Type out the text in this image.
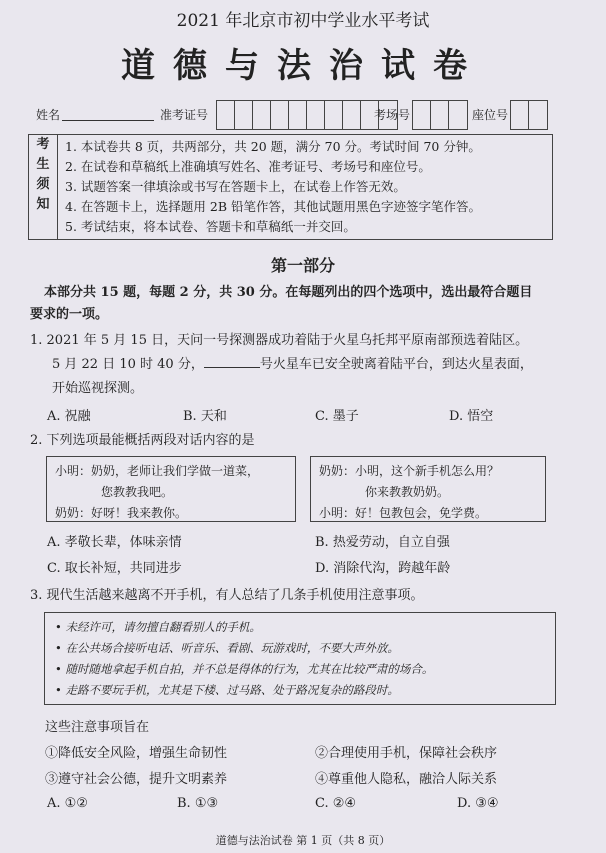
2021 年北京市初中学业水平考试
道德与法治试卷
姓名	准考证号	考场号	座位号
考
生
须
知
1. 本试卷共 8 页，共两部分，共 20 题，满分 70 分。考试时间 70 分钟。
2. 在试卷和草稿纸上准确填写姓名、准考证号、考场号和座位号。
3. 试题答案一律填涂或书写在答题卡上，在试卷上作答无效。
4. 在答题卡上，选择题用 2B 铅笔作答，其他试题用黑色字迹签字笔作答。
5. 考试结束，将本试卷、答题卡和草稿纸一并交回。
第一部分
本部分共 15 题，每题 2 分，共 30 分。在每题列出的四个选项中，选出最符合题目
要求的一项。
1. 2021 年 5 月 15 日，天问一号探测器成功着陆于火星乌托邦平原南部预选着陆区。
5 月 22 日 10 时 40 分，	号火星车已安全驶离着陆平台，到达火星表面，
开始巡视探测。
A. 祝融	B. 天和	C. 墨子	D. 悟空
2. 下列选项最能概括两段对话内容的是
小明：奶奶，老师让我们学做一道菜，
您教教我吧。
奶奶：好呀！我来教你。
奶奶：小明，这个新手机怎么用？
你来教教奶奶。
小明：好！包教包会，免学费。
A. 孝敬长辈，体味亲情	B. 热爱劳动，自立自强
C. 取长补短，共同进步	D. 消除代沟，跨越年龄
3. 现代生活越来越离不开手机，有人总结了几条手机使用注意事项。
• 未经许可，请勿擅自翻看别人的手机。
• 在公共场合接听电话、听音乐、看剧、玩游戏时，不要大声外放。
• 随时随地拿起手机自拍，并不总是得体的行为，尤其在比较严肃的场合。
• 走路不要玩手机，尤其是下楼、过马路、处于路况复杂的路段时。
这些注意事项旨在
①降低安全风险，增强生命韧性	②合理使用手机，保障社会秩序
③遵守社会公德，提升文明素养	④尊重他人隐私，融洽人际关系
A. ①②	B. ①③	C. ②④	D. ③④
道德与法治试卷 第 1 页（共 8 页）
